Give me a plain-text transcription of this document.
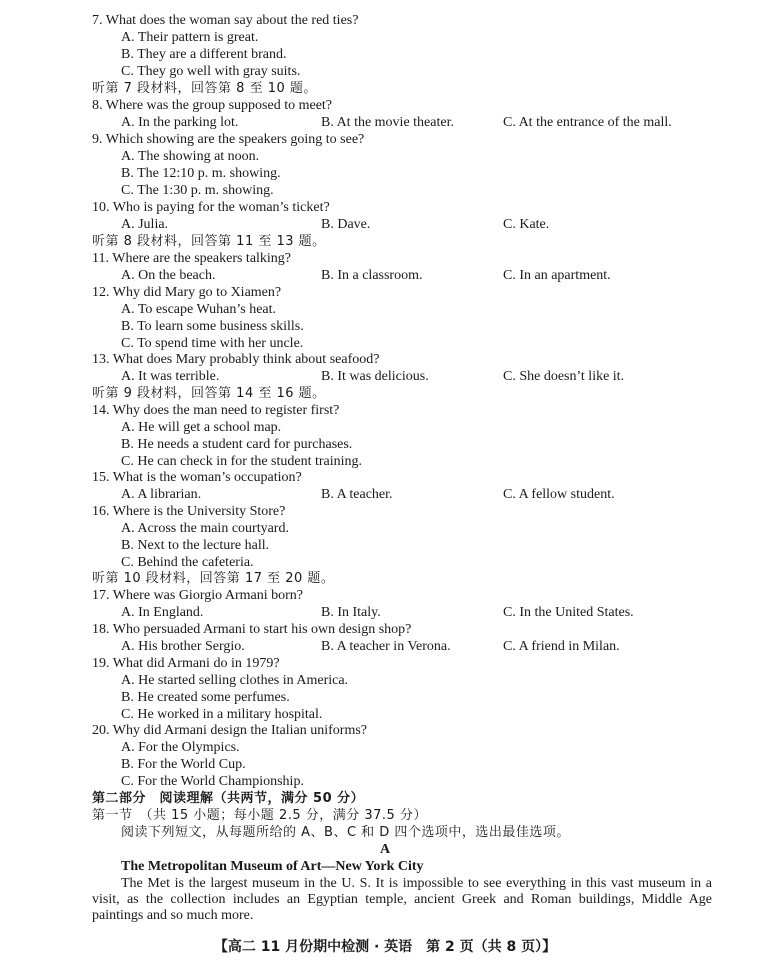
7. What does the woman say about the red ties?
A. Their pattern is great.
B. They are a different brand.
C. They go well with gray suits.
听第 7 段材料，回答第 8 至 10 题。
8. Where was the group supposed to meet?
A. In the parking lot.	B. At the movie theater.	C. At the entrance of the mall.
9. Which showing are the speakers going to see?
A. The showing at noon.
B. The 12:10 p. m. showing.
C. The 1:30 p. m. showing.
10. Who is paying for the woman’s ticket?
A. Julia.	B. Dave.	C. Kate.
听第 8 段材料，回答第 11 至 13 题。
11. Where are the speakers talking?
A. On the beach.	B. In a classroom.	C. In an apartment.
12. Why did Mary go to Xiamen?
A. To escape Wuhan’s heat.
B. To learn some business skills.
C. To spend time with her uncle.
13. What does Mary probably think about seafood?
A. It was terrible.	B. It was delicious.	C. She doesn’t like it.
听第 9 段材料，回答第 14 至 16 题。
14. Why does the man need to register first?
A. He will get a school map.
B. He needs a student card for purchases.
C. He can check in for the student training.
15. What is the woman’s occupation?
A. A librarian.	B. A teacher.	C. A fellow student.
16. Where is the University Store?
A. Across the main courtyard.
B. Next to the lecture hall.
C. Behind the cafeteria.
听第 10 段材料，回答第 17 至 20 题。
17. Where was Giorgio Armani born?
A. In England.	B. In Italy.	C. In the United States.
18. Who persuaded Armani to start his own design shop?
A. His brother Sergio.	B. A teacher in Verona.	C. A friend in Milan.
19. What did Armani do in 1979?
A. He started selling clothes in America.
B. He created some perfumes.
C. He worked in a military hospital.
20. Why did Armani design the Italian uniforms?
A. For the Olympics.
B. For the World Cup.
C. For the World Championship.
第二部分　阅读理解（共两节，满分 50 分）
第一节　（共 15 小题；每小题 2.5 分，满分 37.5 分）
阅读下列短文，从每题所给的 A、B、C 和 D 四个选项中，选出最佳选项。
A
The Metropolitan Museum of Art—New York City
The Met is the largest museum in the U. S. It is impossible to see everything in this vast museum in a visit, as the collection includes an Egyptian temple, ancient Greek and Roman buildings, Middle Age paintings and so much more.
【高二 11 月份期中检测 · 英语　第 2 页（共 8 页）】
